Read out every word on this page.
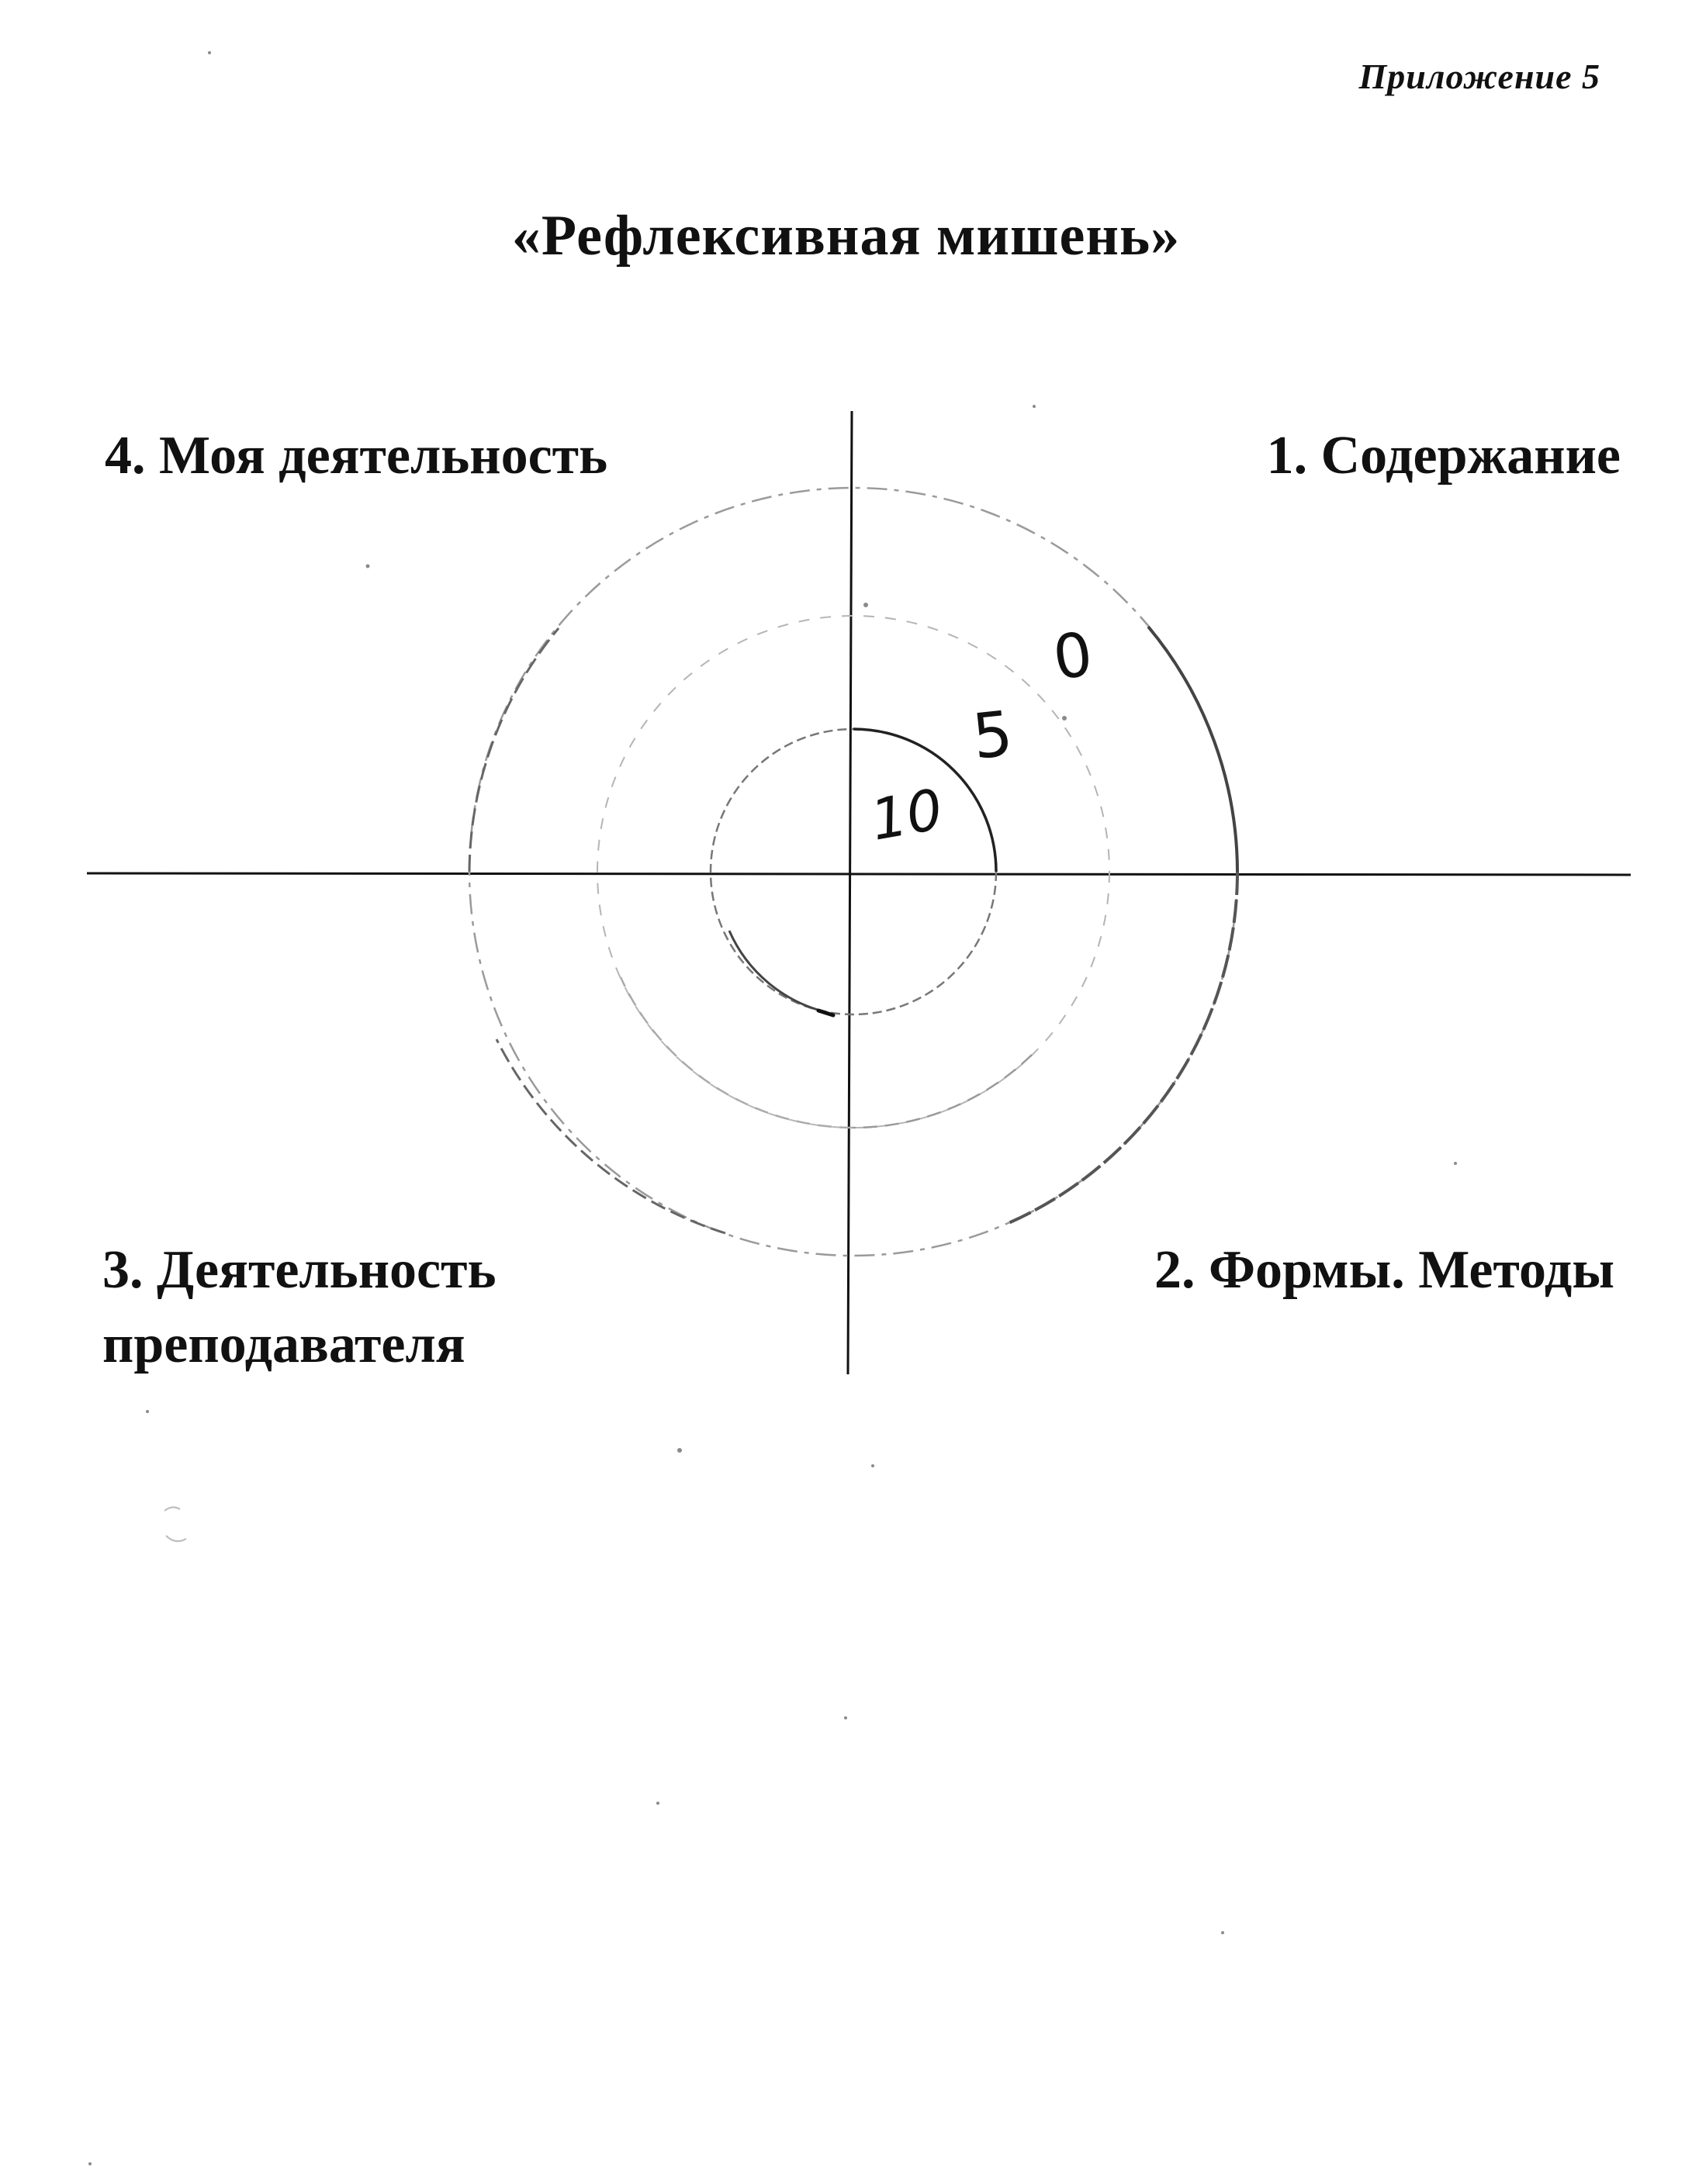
Приложение 5
«Рефлексивная мишень»
4. Моя деятельность	1. Содержание
3. Деятельность
преподавателя
2. Формы. Методы
0
5
10
